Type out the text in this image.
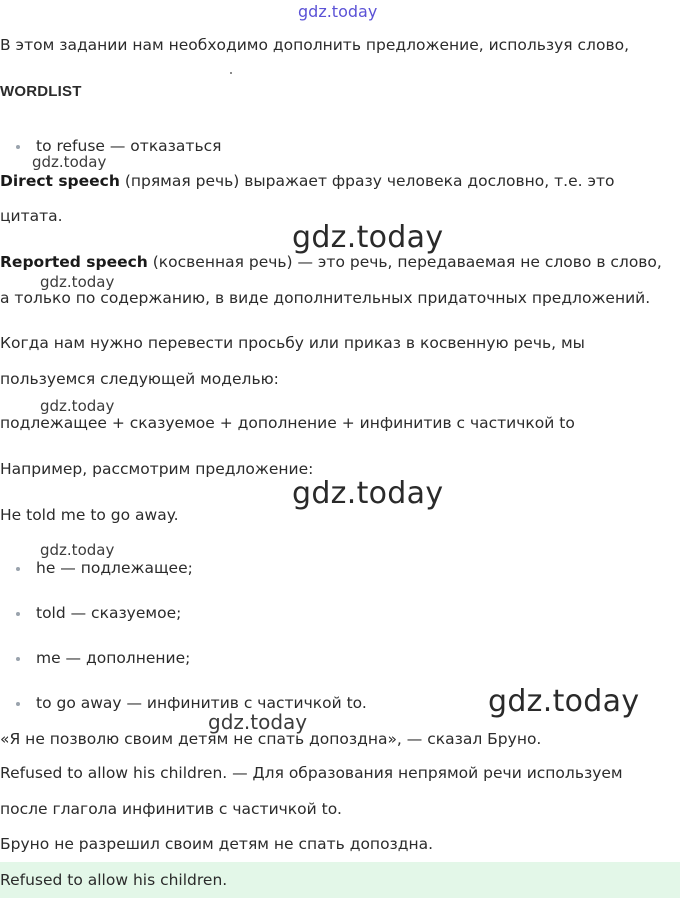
gdz.today
В этом задании нам необходимо дополнить предложение, используя слово,
WORDLIST
to refuse — отказаться
gdz.today
Direct speech (прямая речь) выражает фразу человека дословно, т.е. это
цитата.
gdz.today
Reported speech (косвенная речь) — это речь, передаваемая не слово в слово,
gdz.today
а только по содержанию, в виде дополнительных придаточных предложений.
Когда нам нужно перевести просьбу или приказ в косвенную речь, мы
пользуемся следующей моделью:
gdz.today
подлежащее + сказуемое + дополнение + инфинитив с частичкой to
Например, рассмотрим предложение:
gdz.today
He told me to go away.
gdz.today
he — подлежащее;
told — сказуемое;
me — дополнение;
gdz.today
to go away — инфинитив с частичкой to.
gdz.today
«Я не позволю своим детям не спать допоздна», — сказал Бруно.
Refused to allow his children. — Для образования непрямой речи используем
после глагола инфинитив с частичкой to.
Бруно не разрешил своим детям не спать допоздна.
Refused to allow his children.
